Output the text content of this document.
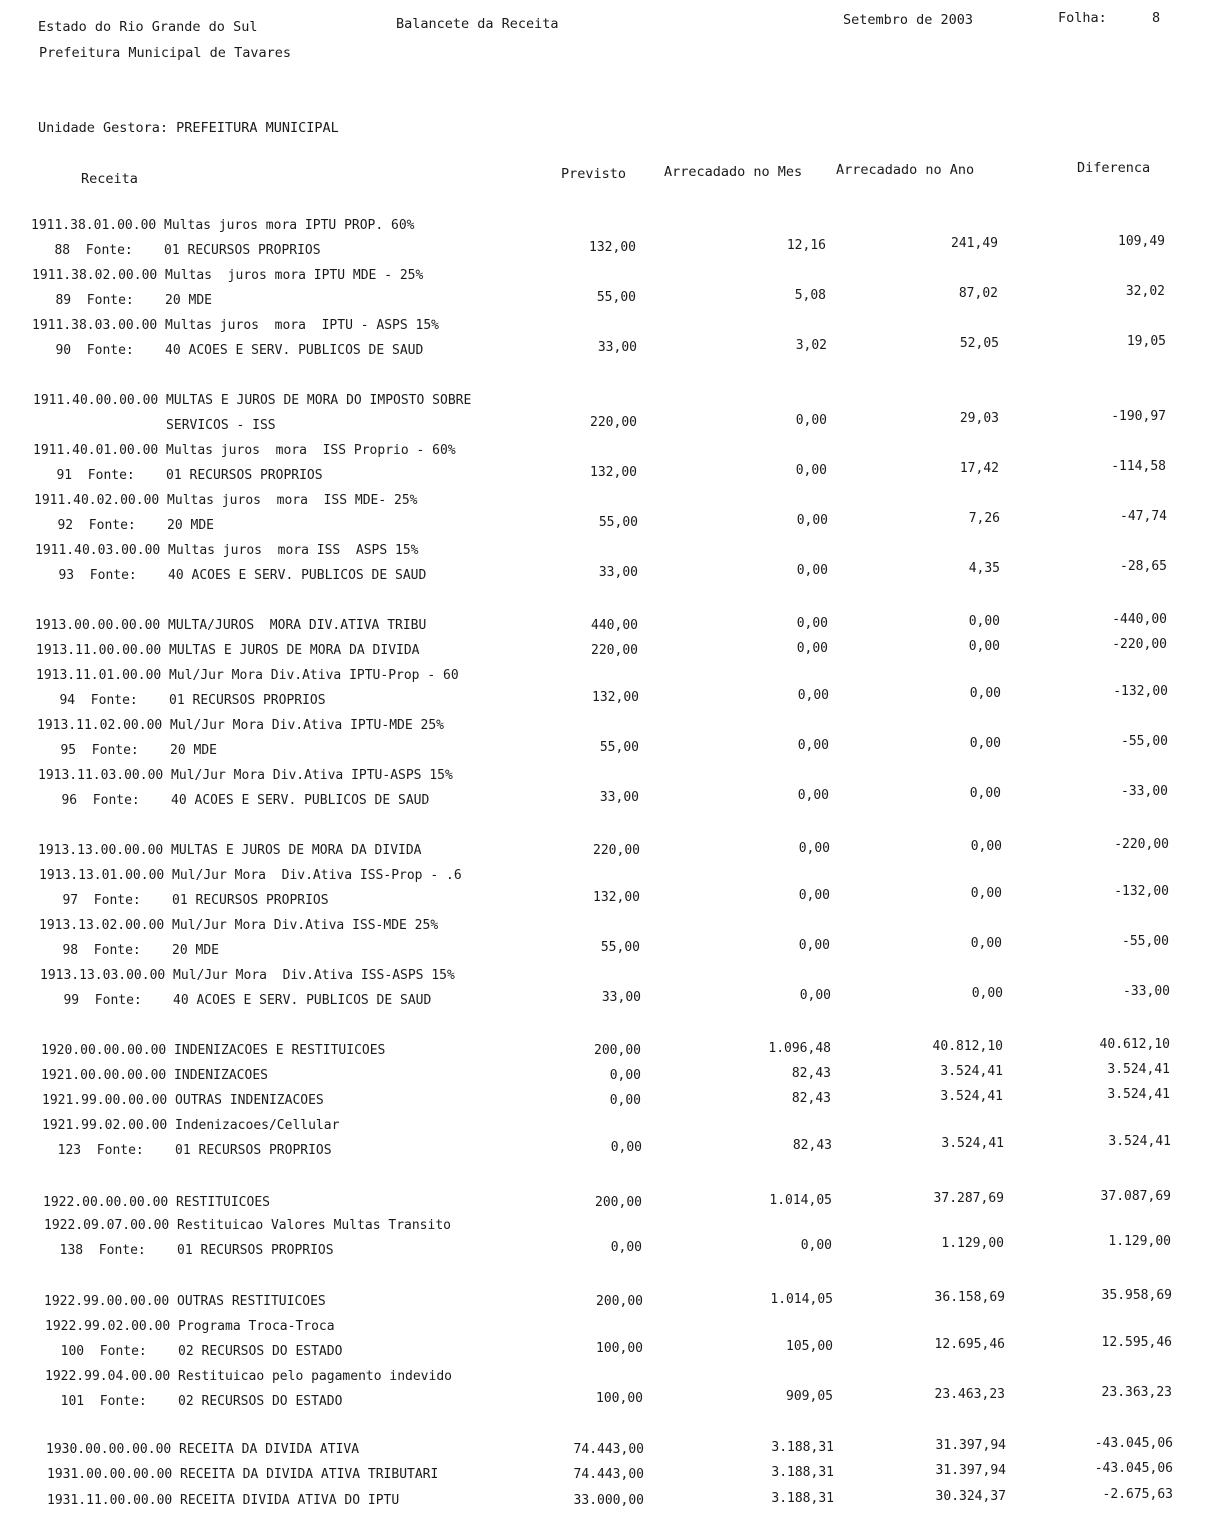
Estado do Rio Grande do Sul	Balancete da Receita	Setembro de 2003	Folha:	8
Prefeitura Municipal de Tavares
Unidade Gestora: PREFEITURA MUNICIPAL
Receita	Previsto	Arrecadado no Mes	Arrecadado no Ano	Diferenca
1911.38.01.00.00 Multas juros mora IPTU PROP. 60%
88  Fonte:    01 RECURSOS PROPRIOS	132,00	12,16	241,49	109,49
1911.38.02.00.00 Multas  juros mora IPTU MDE - 25%
89  Fonte:    20 MDE	55,00	5,08	87,02	32,02
1911.38.03.00.00 Multas juros  mora  IPTU - ASPS 15%
90  Fonte:    40 ACOES E SERV. PUBLICOS DE SAUD	33,00	3,02	52,05	19,05
1911.40.00.00.00 MULTAS E JUROS DE MORA DO IMPOSTO SOBRE
SERVICOS - ISS	220,00	0,00	29,03	-190,97
1911.40.01.00.00 Multas juros  mora  ISS Proprio - 60%
91  Fonte:    01 RECURSOS PROPRIOS	132,00	0,00	17,42	-114,58
1911.40.02.00.00 Multas juros  mora  ISS MDE- 25%
92  Fonte:    20 MDE	55,00	0,00	7,26	-47,74
1911.40.03.00.00 Multas juros  mora ISS  ASPS 15%
93  Fonte:    40 ACOES E SERV. PUBLICOS DE SAUD	33,00	0,00	4,35	-28,65
1913.00.00.00.00 MULTA/JUROS  MORA DIV.ATIVA TRIBU	440,00	0,00	0,00	-440,00
1913.11.00.00.00 MULTAS E JUROS DE MORA DA DIVIDA	220,00	0,00	0,00	-220,00
1913.11.01.00.00 Mul/Jur Mora Div.Ativa IPTU-Prop - 60
94  Fonte:    01 RECURSOS PROPRIOS	132,00	0,00	0,00	-132,00
1913.11.02.00.00 Mul/Jur Mora Div.Ativa IPTU-MDE 25%
95  Fonte:    20 MDE	55,00	0,00	0,00	-55,00
1913.11.03.00.00 Mul/Jur Mora Div.Ativa IPTU-ASPS 15%
96  Fonte:    40 ACOES E SERV. PUBLICOS DE SAUD	33,00	0,00	0,00	-33,00
1913.13.00.00.00 MULTAS E JUROS DE MORA DA DIVIDA	220,00	0,00	0,00	-220,00
1913.13.01.00.00 Mul/Jur Mora  Div.Ativa ISS-Prop - .6
97  Fonte:    01 RECURSOS PROPRIOS	132,00	0,00	0,00	-132,00
1913.13.02.00.00 Mul/Jur Mora Div.Ativa ISS-MDE 25%
98  Fonte:    20 MDE	55,00	0,00	0,00	-55,00
1913.13.03.00.00 Mul/Jur Mora  Div.Ativa ISS-ASPS 15%
99  Fonte:    40 ACOES E SERV. PUBLICOS DE SAUD	33,00	0,00	0,00	-33,00
1920.00.00.00.00 INDENIZACOES E RESTITUICOES	200,00	1.096,48	40.812,10	40.612,10
1921.00.00.00.00 INDENIZACOES	0,00	82,43	3.524,41	3.524,41
1921.99.00.00.00 OUTRAS INDENIZACOES	0,00	82,43	3.524,41	3.524,41
1921.99.02.00.00 Indenizacoes/Cellular
123  Fonte:    01 RECURSOS PROPRIOS	0,00	82,43	3.524,41	3.524,41
1922.00.00.00.00 RESTITUICOES	200,00	1.014,05	37.287,69	37.087,69
1922.09.07.00.00 Restituicao Valores Multas Transito
138  Fonte:    01 RECURSOS PROPRIOS	0,00	0,00	1.129,00	1.129,00
1922.99.00.00.00 OUTRAS RESTITUICOES	200,00	1.014,05	36.158,69	35.958,69
1922.99.02.00.00 Programa Troca-Troca
100  Fonte:    02 RECURSOS DO ESTADO	100,00	105,00	12.695,46	12.595,46
1922.99.04.00.00 Restituicao pelo pagamento indevido
101  Fonte:    02 RECURSOS DO ESTADO	100,00	909,05	23.463,23	23.363,23
1930.00.00.00.00 RECEITA DA DIVIDA ATIVA	74.443,00	3.188,31	31.397,94	-43.045,06
1931.00.00.00.00 RECEITA DA DIVIDA ATIVA TRIBUTARI	74.443,00	3.188,31	31.397,94	-43.045,06
1931.11.00.00.00 RECEITA DIVIDA ATIVA DO IPTU	33.000,00	3.188,31	30.324,37	-2.675,63
